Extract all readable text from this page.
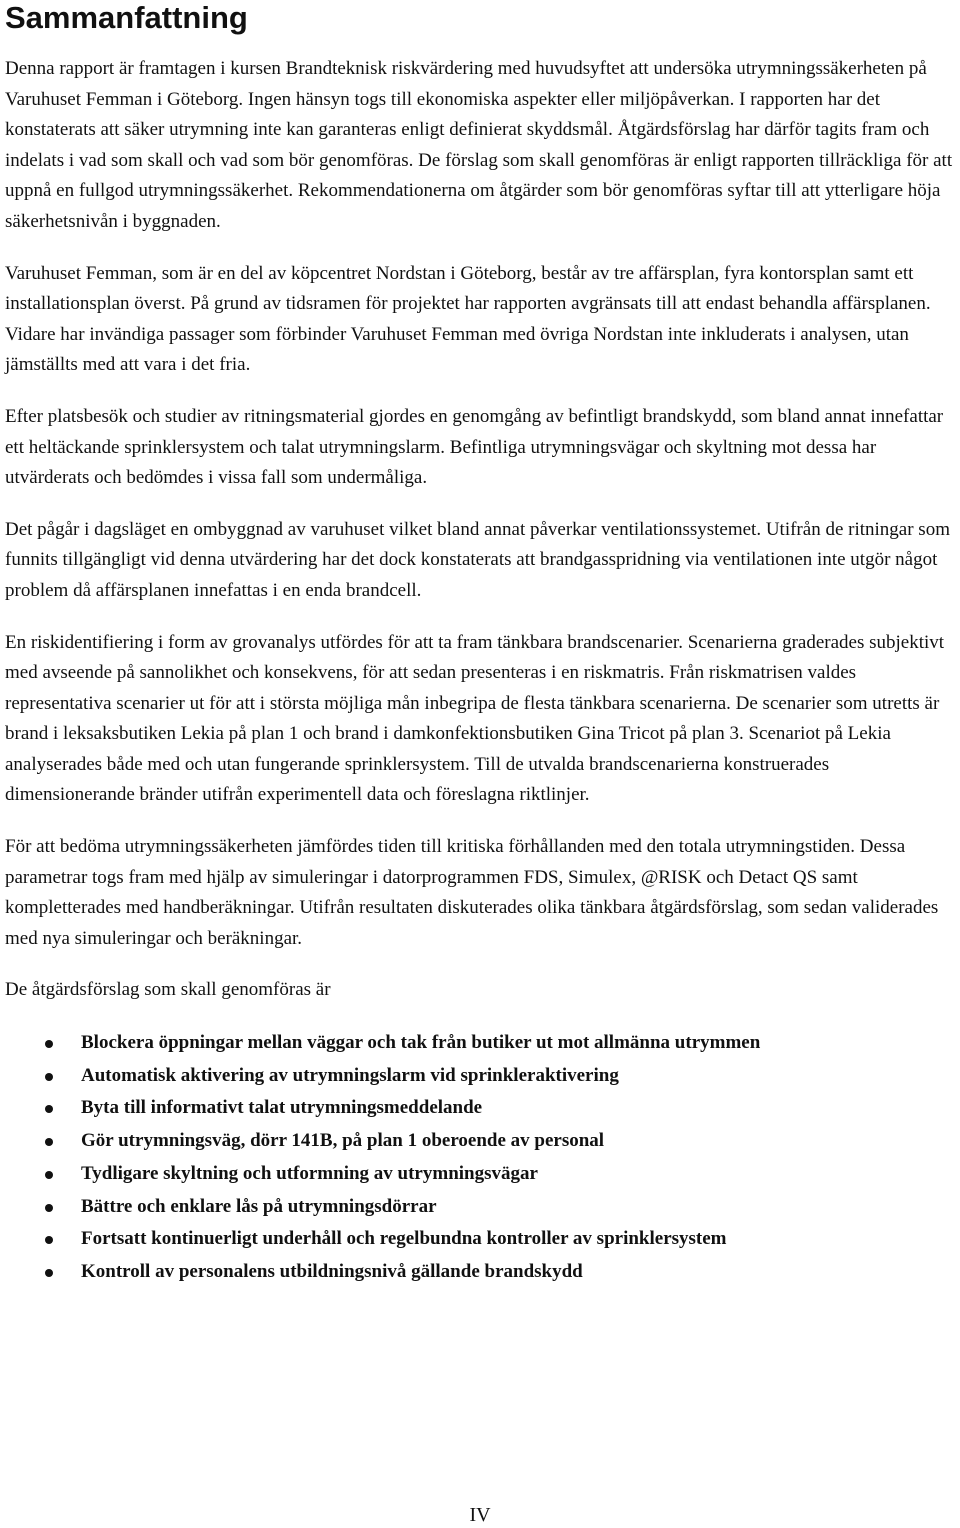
Sammanfattning

Denna rapport är framtagen i kursen Brandteknisk riskvärdering med huvudsyftet att undersöka utrymningssäkerheten på Varuhuset Femman i Göteborg. Ingen hänsyn togs till ekonomiska aspekter eller miljöpåverkan. I rapporten har det konstaterats att säker utrymning inte kan garanteras enligt definierat skyddsmål. Åtgärdsförslag har därför tagits fram och indelats i vad som skall och vad som bör genomföras. De förslag som skall genomföras är enligt rapporten tillräckliga för att uppnå en fullgod utrymningssäkerhet. Rekommendationerna om åtgärder som bör genomföras syftar till att ytterligare höja säkerhetsnivån i byggnaden.

Varuhuset Femman, som är en del av köpcentret Nordstan i Göteborg, består av tre affärsplan, fyra kontorsplan samt ett installationsplan överst. På grund av tidsramen för projektet har rapporten avgränsats till att endast behandla affärsplanen. Vidare har invändiga passager som förbinder Varuhuset Femman med övriga Nordstan inte inkluderats i analysen, utan jämställts med att vara i det fria.

Efter platsbesök och studier av ritningsmaterial gjordes en genomgång av befintligt brandskydd, som bland annat innefattar ett heltäckande sprinklersystem och talat utrymningslarm. Befintliga utrymningsvägar och skyltning mot dessa har utvärderats och bedömdes i vissa fall som undermåliga.

Det pågår i dagsläget en ombyggnad av varuhuset vilket bland annat påverkar ventilationssystemet. Utifrån de ritningar som funnits tillgängligt vid denna utvärdering har det dock konstaterats att brandgasspridning via ventilationen inte utgör något problem då affärsplanen innefattas i en enda brandcell.

En riskidentifiering i form av grovanalys utfördes för att ta fram tänkbara brandscenarier. Scenarierna graderades subjektivt med avseende på sannolikhet och konsekvens, för att sedan presenteras i en riskmatris. Från riskmatrisen valdes representativa scenarier ut för att i största möjliga mån inbegripa de flesta tänkbara scenarierna. De scenarier som utretts är brand i leksaksbutiken Lekia på plan 1 och brand i damkonfektionsbutiken Gina Tricot på plan 3. Scenariot på Lekia analyserades både med och utan fungerande sprinklersystem. Till de utvalda brandscenarierna konstruerades dimensionerande bränder utifrån experimentell data och föreslagna riktlinjer.

För att bedöma utrymningssäkerheten jämfördes tiden till kritiska förhållanden med den totala utrymningstiden. Dessa parametrar togs fram med hjälp av simuleringar i datorprogrammen FDS, Simulex, @RISK och Detact QS samt kompletterades med handberäkningar. Utifrån resultaten diskuterades olika tänkbara åtgärdsförslag, som sedan validerades med nya simuleringar och beräkningar.

De åtgärdsförslag som skall genomföras är

Blockera öppningar mellan väggar och tak från butiker ut mot allmänna utrymmen
Automatisk aktivering av utrymningslarm vid sprinkleraktivering
Byta till informativt talat utrymningsmeddelande
Gör utrymningsväg, dörr 141B, på plan 1 oberoende av personal
Tydligare skyltning och utformning av utrymningsvägar
Bättre och enklare lås på utrymningsdörrar
Fortsatt kontinuerligt underhåll och regelbundna kontroller av sprinklersystem
Kontroll av personalens utbildningsnivå gällande brandskydd
IV
